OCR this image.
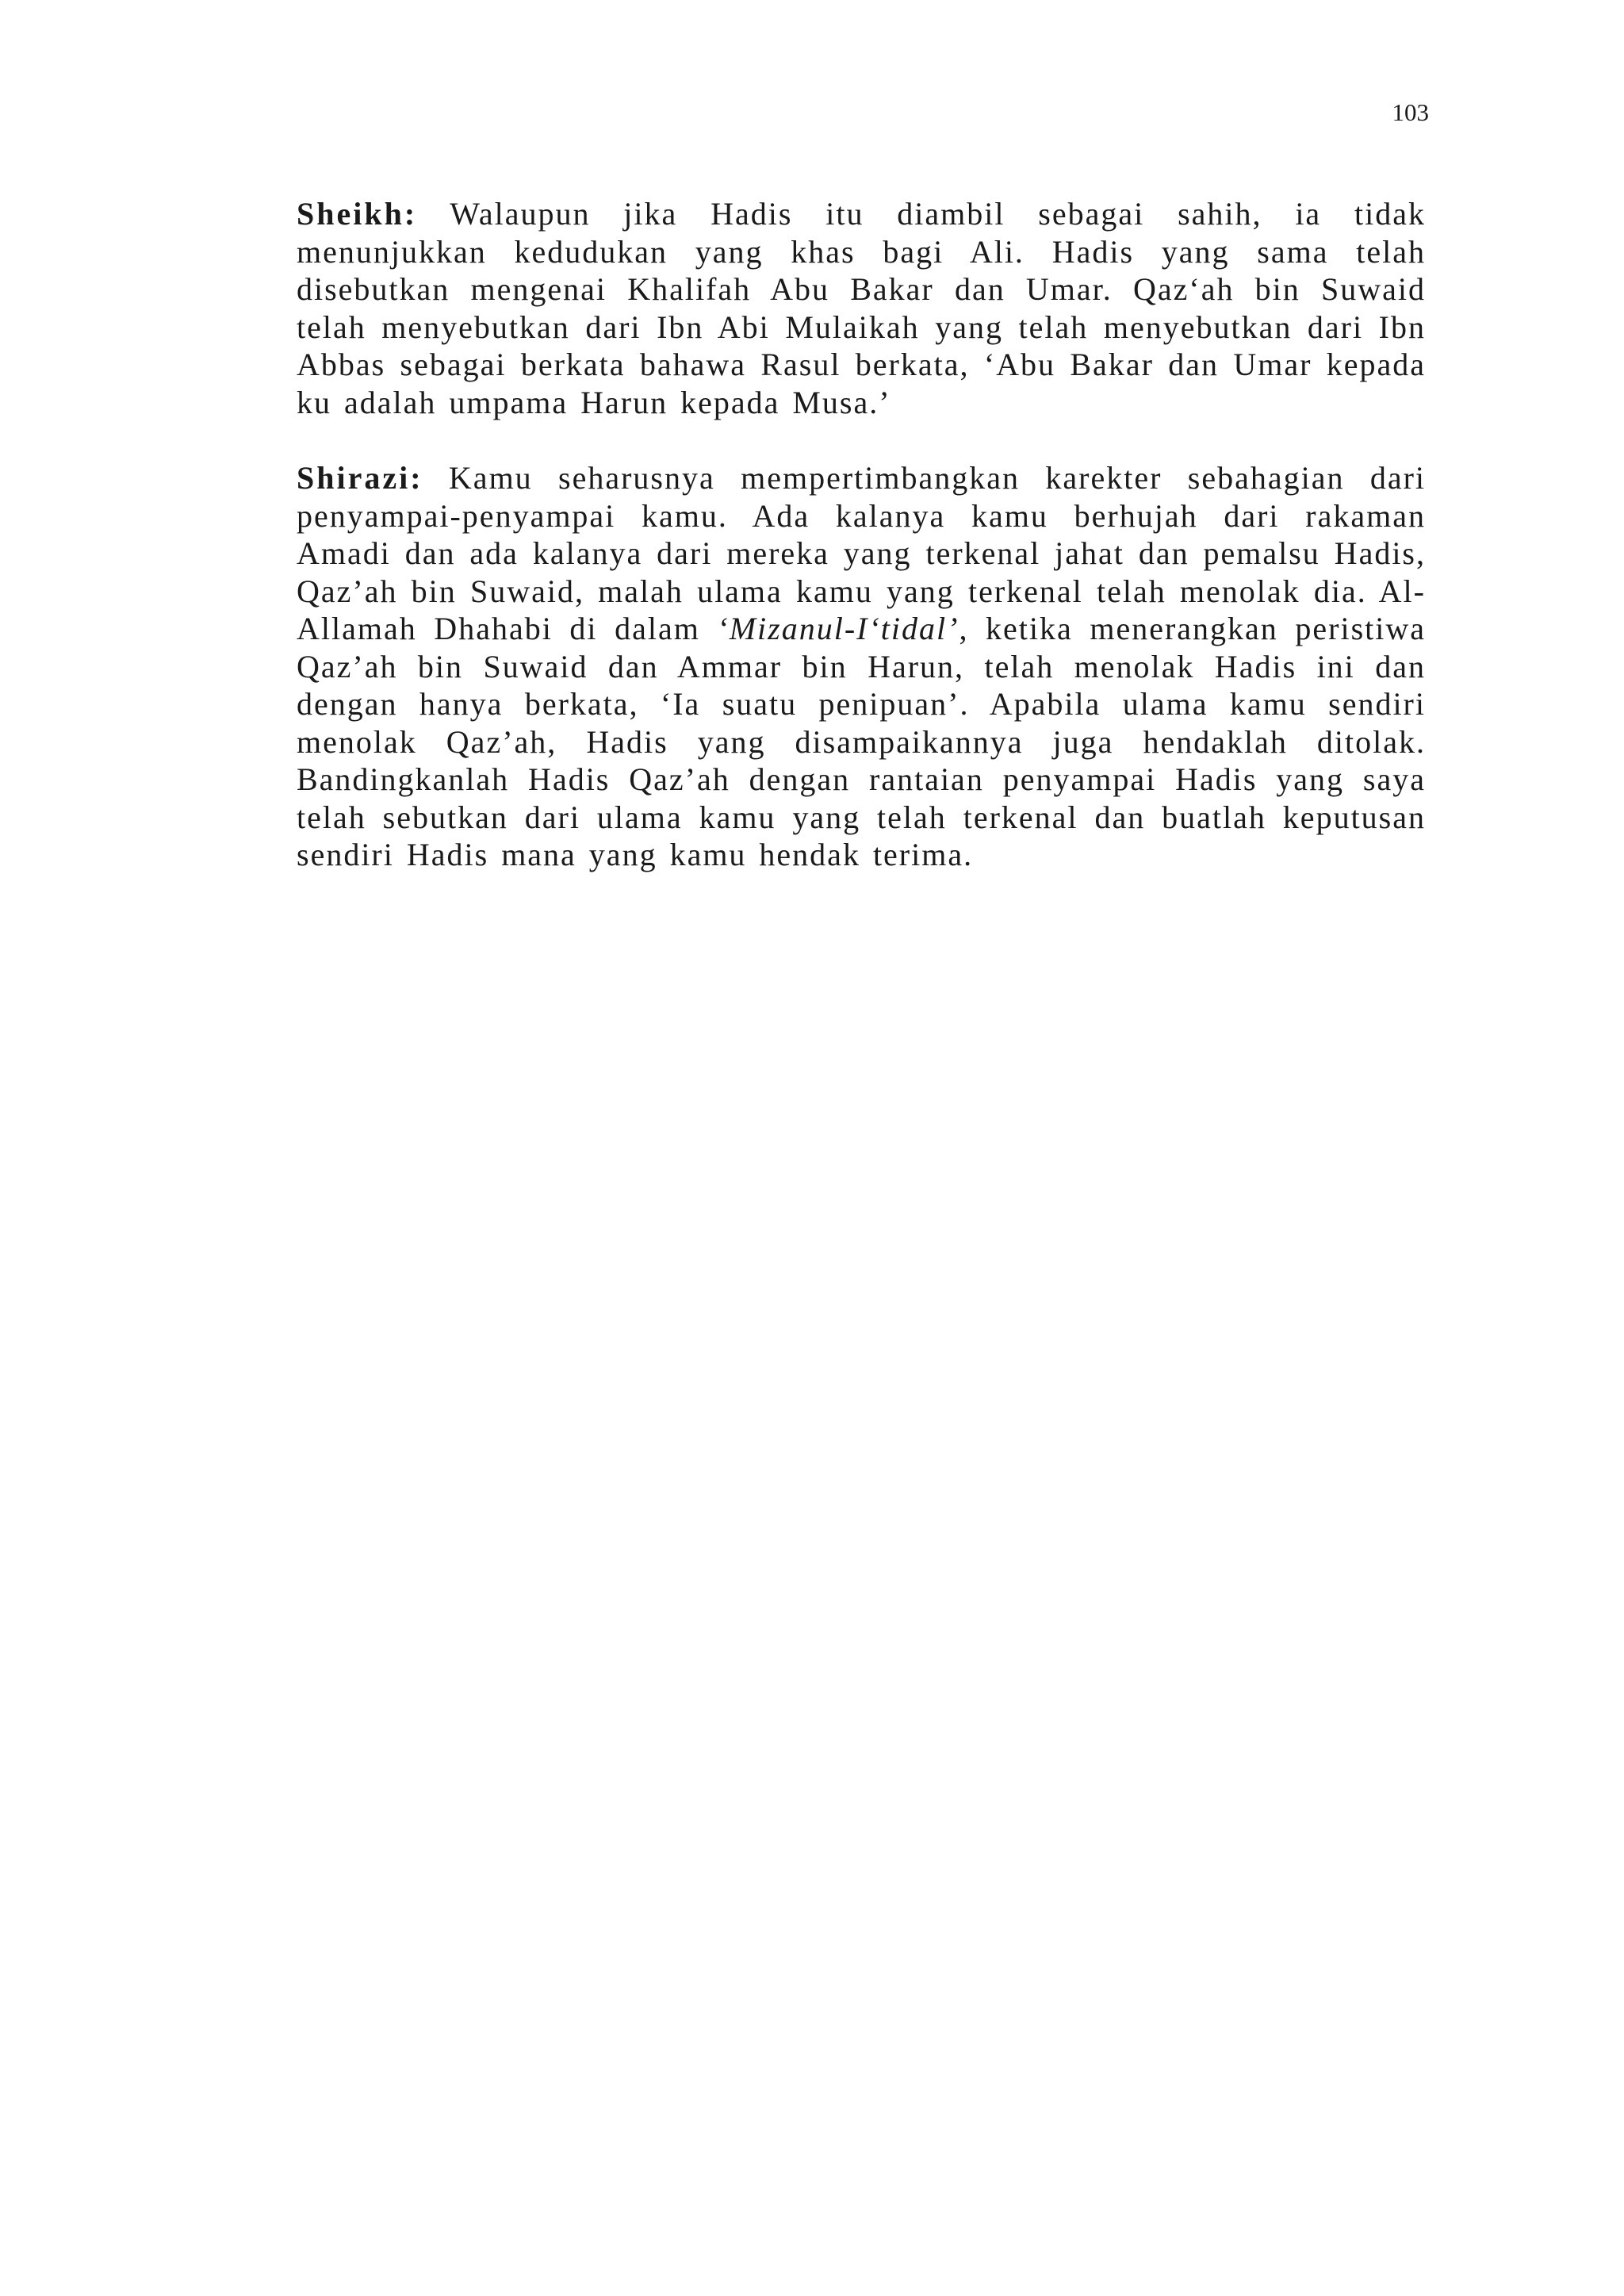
103

Sheikh: Walaupun jika Hadis itu diambil sebagai sahih, ia tidak menunjukkan kedudukan yang khas bagi Ali. Hadis yang sama telah disebutkan mengenai Khalifah Abu Bakar dan Umar. Qaz‘ah bin Suwaid telah menyebutkan dari Ibn Abi Mulaikah yang telah menyebutkan dari Ibn Abbas sebagai berkata bahawa Rasul berkata, ‘Abu Bakar dan Umar kepada ku adalah umpama Harun kepada Musa.’

Shirazi: Kamu seharusnya mempertimbangkan karekter sebahagian dari penyampai-penyampai kamu. Ada kalanya kamu berhujah dari rakaman Amadi dan ada kalanya dari mereka yang terkenal jahat dan pemalsu Hadis, Qaz’ah bin Suwaid, malah ulama kamu yang terkenal telah menolak dia. Al-Allamah Dhahabi di dalam ‘Mizanul-I‘tidal’, ketika menerangkan peristiwa Qaz’ah bin Suwaid dan Ammar bin Harun, telah menolak Hadis ini dan dengan hanya berkata, ‘Ia suatu penipuan’. Apabila ulama kamu sendiri menolak Qaz’ah, Hadis yang disampaikannya juga hendaklah ditolak. Bandingkanlah Hadis Qaz’ah dengan rantaian penyampai Hadis yang saya telah sebutkan dari ulama kamu yang telah terkenal dan buatlah keputusan sendiri Hadis mana yang kamu hendak terima.
